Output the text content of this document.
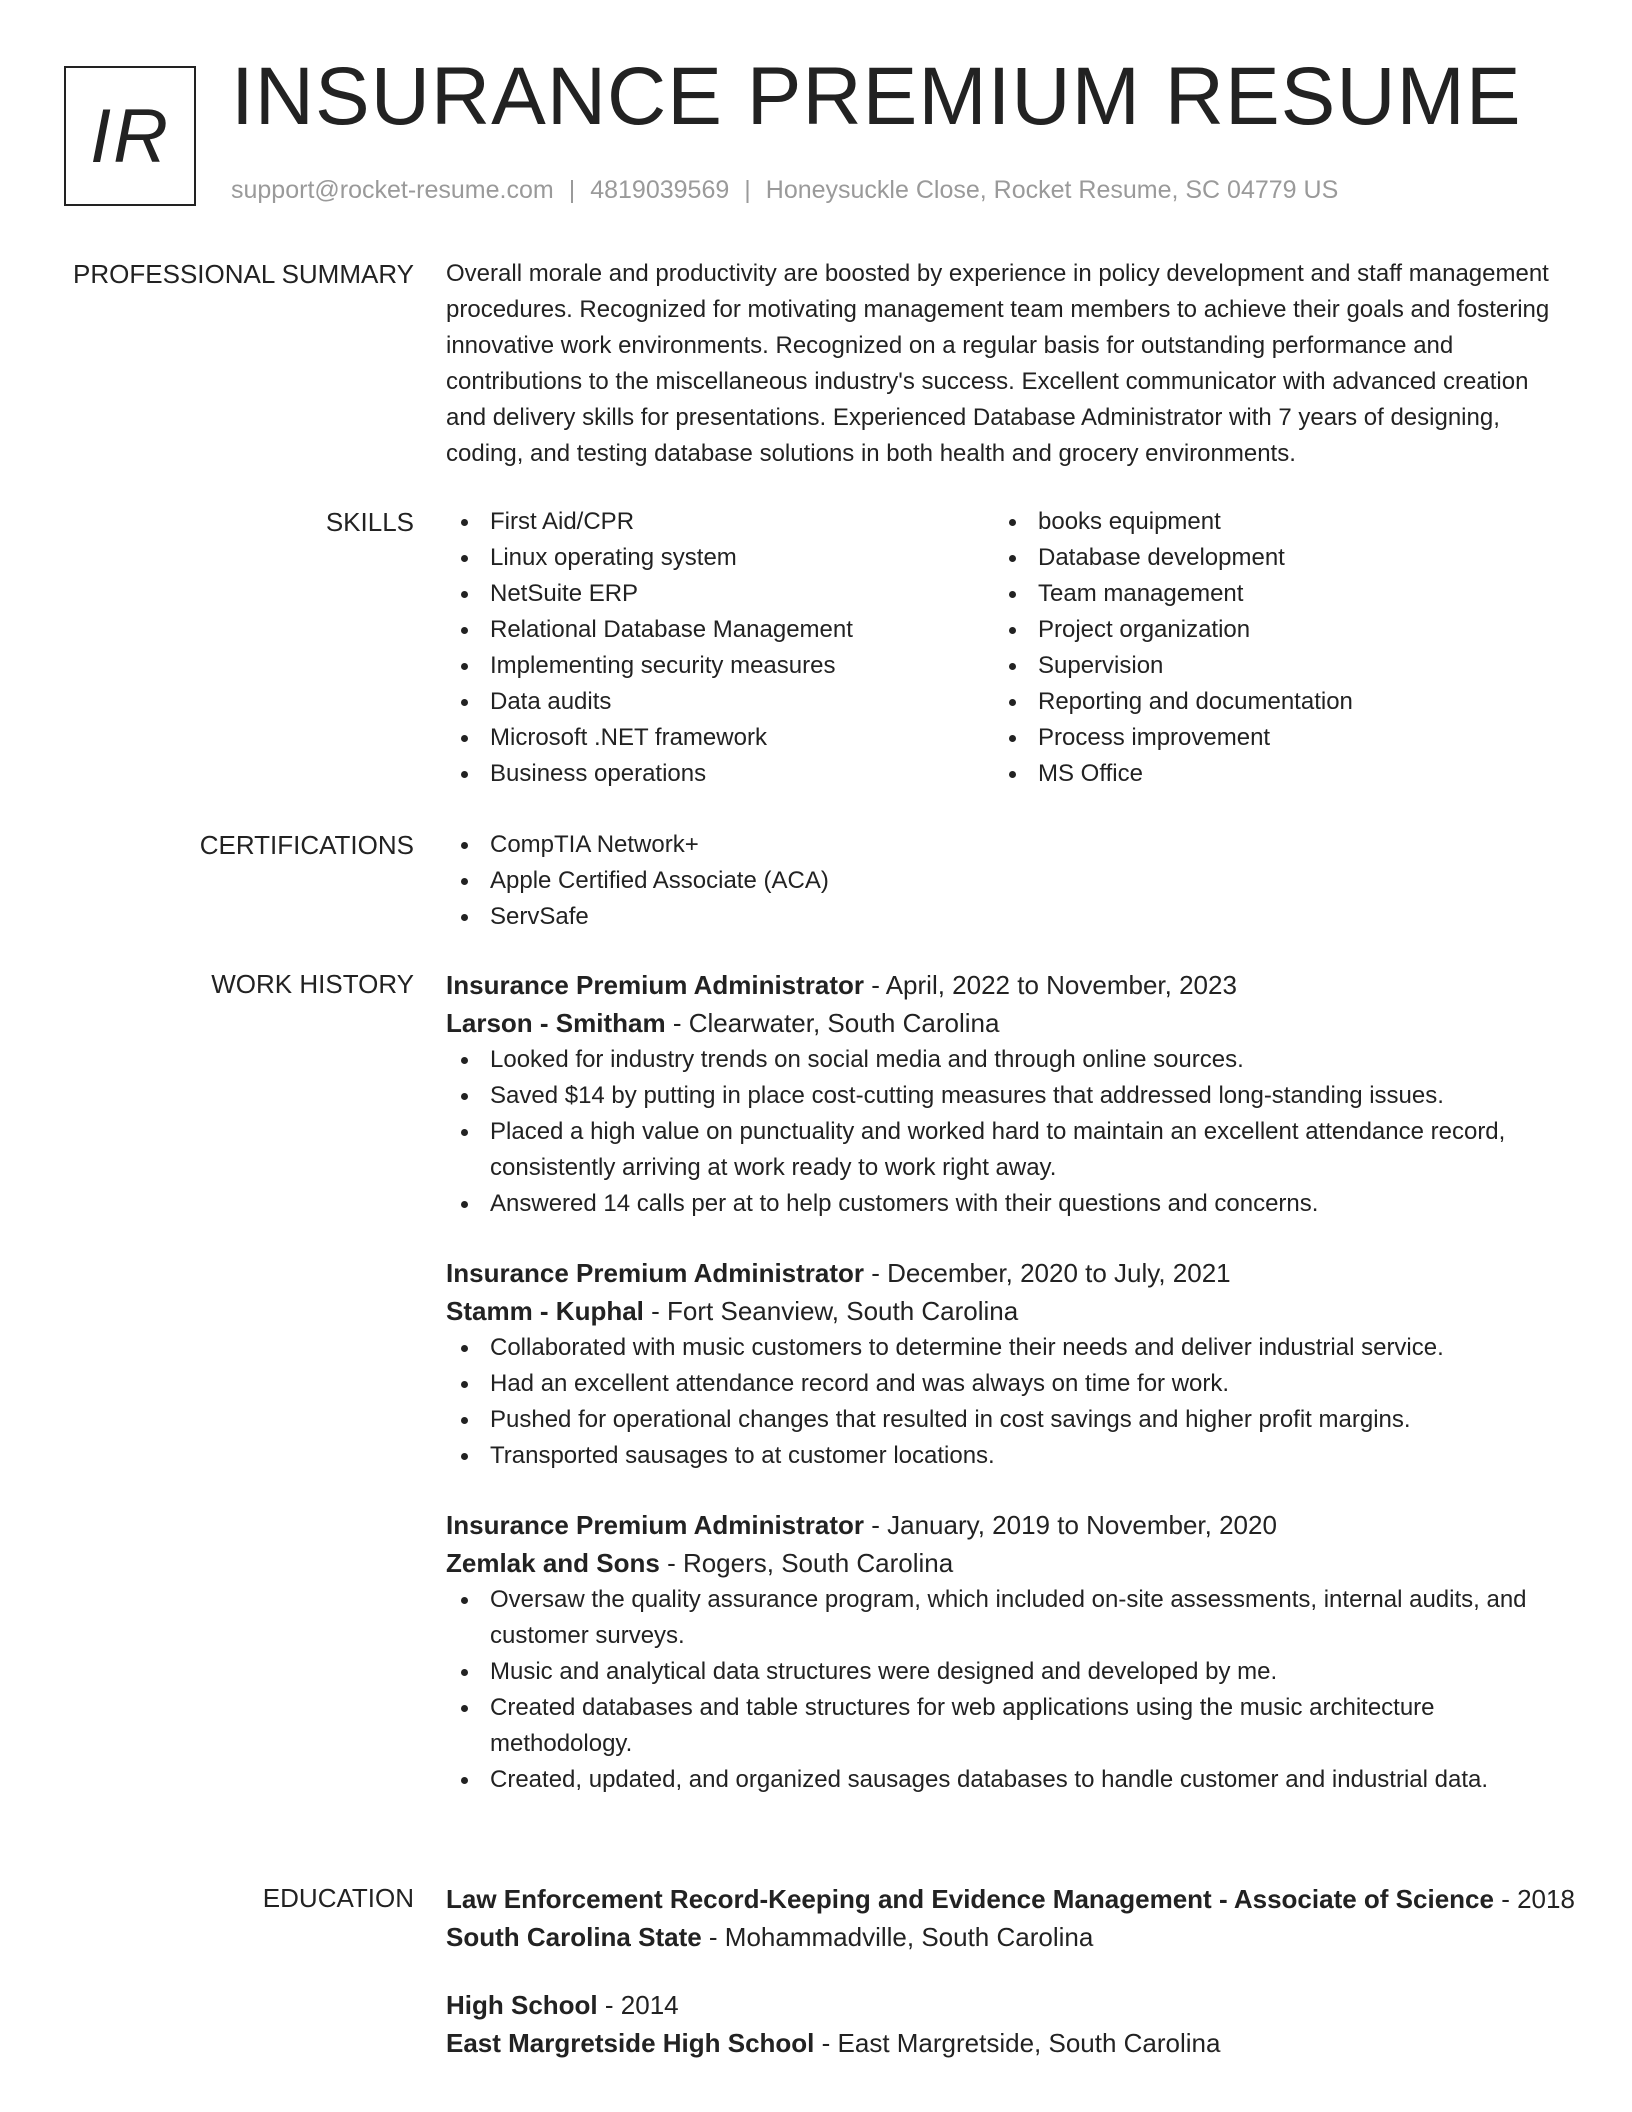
IR INSURANCE PREMIUM RESUME
support@rocket-resume.com | 4819039569 | Honeysuckle Close, Rocket Resume, SC 04779 US
PROFESSIONAL SUMMARY Overall morale and productivity are boosted by experience in policy development and staff management procedures. Recognized for motivating management team members to achieve their goals and fostering innovative work environments. Recognized on a regular basis for outstanding performance and contributions to the miscellaneous industry's success. Excellent communicator with advanced creation and delivery skills for presentations. Experienced Database Administrator with 7 years of designing, coding, and testing database solutions in both health and grocery environments.

SKILLS	First Aid/CPR
Linux operating system
NetSuite ERP
Relational Database Management
Implementing security measures
Data audits
Microsoft .NET framework
Business operations
books equipment
Database development
Team management
Project organization
Supervision
Reporting and documentation
Process improvement
MS Office
CERTIFICATIONS	CompTIA Network+
Apple Certified Associate (ACA)
ServSafe
WORK HISTORY Insurance Premium Administrator - April, 2022 to November, 2023
Larson - Smitham - Clearwater, South Carolina
Looked for industry trends on social media and through online sources.
Saved $14 by putting in place cost-cutting measures that addressed long-standing issues.
Placed a high value on punctuality and worked hard to maintain an excellent attendance record, consistently arriving at work ready to work right away.
Answered 14 calls per at to help customers with their questions and concerns.
Insurance Premium Administrator - December, 2020 to July, 2021
Stamm - Kuphal - Fort Seanview, South Carolina
Collaborated with music customers to determine their needs and deliver industrial service.
Had an excellent attendance record and was always on time for work.
Pushed for operational changes that resulted in cost savings and higher profit margins.
Transported sausages to at customer locations.
Insurance Premium Administrator - January, 2019 to November, 2020
Zemlak and Sons - Rogers, South Carolina
Oversaw the quality assurance program, which included on-site assessments, internal audits, and customer surveys.
Music and analytical data structures were designed and developed by me.
Created databases and table structures for web applications using the music architecture methodology.
Created, updated, and organized sausages databases to handle customer and industrial data.
EDUCATION Law Enforcement Record-Keeping and Evidence Management - Associate of Science - 2018
South Carolina State - Mohammadville, South Carolina
High School - 2014
East Margretside High School - East Margretside, South Carolina
